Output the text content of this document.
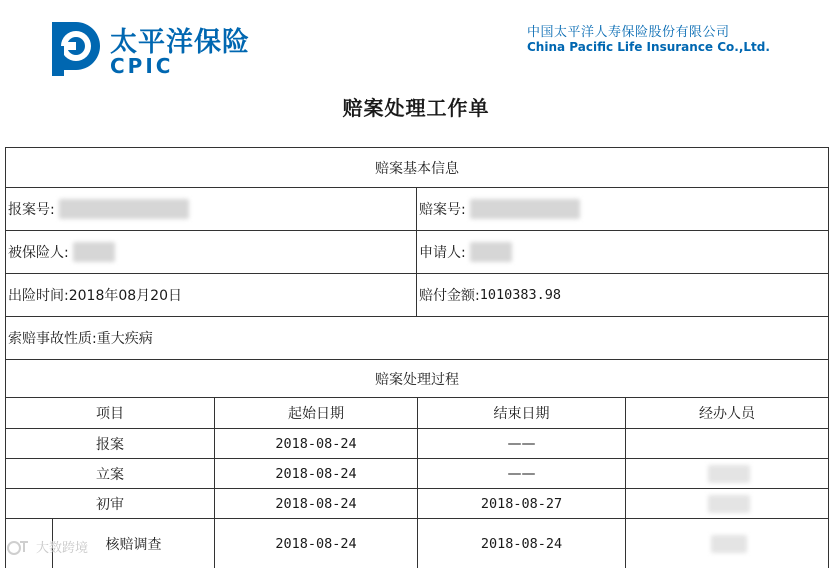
太平洋保险
CPIC
中国太平洋人寿保险股份有限公司
China Pacific Life Insurance Co.,Ltd.
赔案处理工作单
赔案基本信息
报案号:	赔案号:
被保险人:	申请人:
出险时间: 2018年08月20日	赔付金额: 1010383.98
索赔事故性质: 重大疾病
赔案处理过程
项目	起始日期	结束日期	经办人员
报案	2018-08-24	——
立案	2018-08-24	——
初审	2018-08-24	2018-08-27
核赔调查	2018-08-24	2018-08-24
大数跨境
